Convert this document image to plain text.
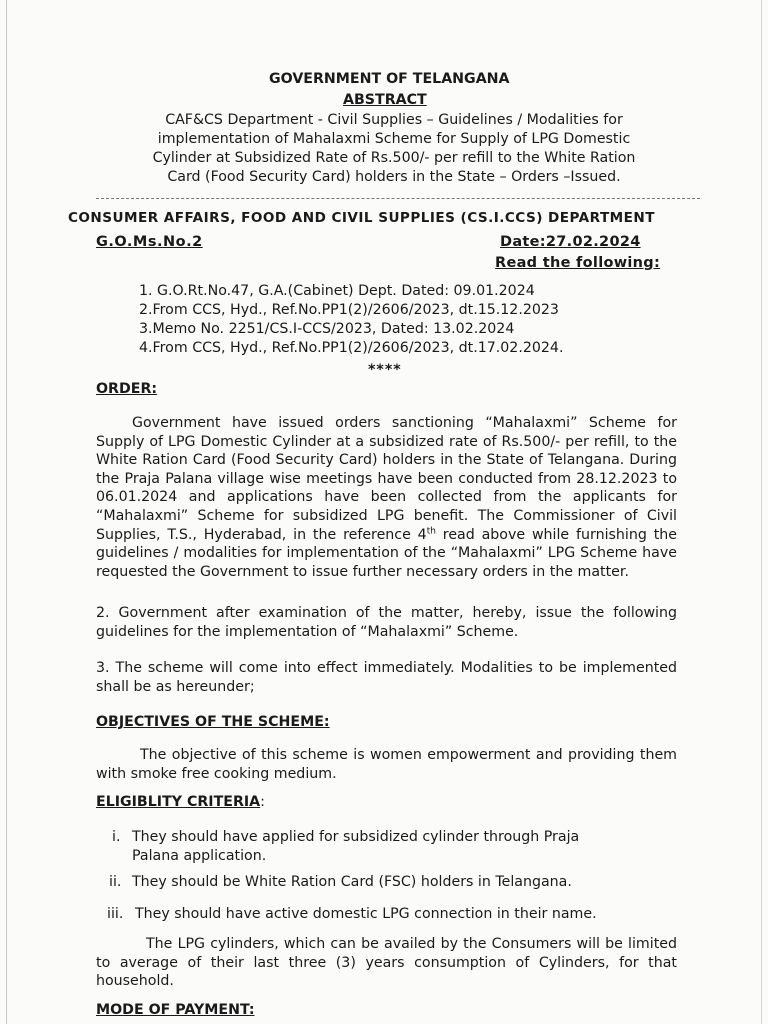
GOVERNMENT OF TELANGANA
ABSTRACT
CAF&CS Department - Civil Supplies – Guidelines / Modalities for
implementation of Mahalaxmi Scheme for Supply of LPG Domestic
Cylinder at Subsidized Rate of Rs.500/- per refill to the White Ration
Card (Food Security Card) holders in the State – Orders –Issued.
CONSUMER AFFAIRS, FOOD AND CIVIL SUPPLIES (CS.I.CCS) DEPARTMENT
G.O.Ms.No.2	Date:27.02.2024
Read the following:
1. G.O.Rt.No.47, G.A.(Cabinet) Dept. Dated: 09.01.2024
2.From CCS, Hyd., Ref.No.PP1(2)/2606/2023, dt.15.12.2023
3.Memo No. 2251/CS.I-CCS/2023, Dated: 13.02.2024
4.From CCS, Hyd., Ref.No.PP1(2)/2606/2023, dt.17.02.2024.
****
ORDER:

Government have issued orders sanctioning “Mahalaxmi” Scheme for Supply of LPG Domestic Cylinder at a subsidized rate of Rs.500/- per refill, to the White Ration Card (Food Security Card) holders in the State of Telangana. During the Praja Palana village wise meetings have been conducted from 28.12.2023 to 06.01.2024 and applications have been collected from the applicants for “Mahalaxmi” Scheme for subsidized LPG benefit. The Commissioner of Civil Supplies, T.S., Hyderabad, in the reference 4th read above while furnishing the guidelines / modalities for implementation of the “Mahalaxmi” LPG Scheme have requested the Government to issue further necessary orders in the matter.

2. Government after examination of the matter, hereby, issue the following guidelines for the implementation of “Mahalaxmi” Scheme.

3. The scheme will come into effect immediately. Modalities to be implemented shall be as hereunder;

OBJECTIVES OF THE SCHEME:

The objective of this scheme is women empowerment and providing them with smoke free cooking medium.

ELIGIBLITY CRITERIA:
i. They should have applied for subsidized cylinder through Praja
Palana application.
ii. They should be White Ration Card (FSC) holders in Telangana.
iii. They should have active domestic LPG connection in their name.

The LPG cylinders, which can be availed by the Consumers will be limited to average of their last three (3) years consumption of Cylinders, for that household.

MODE OF PAYMENT:
